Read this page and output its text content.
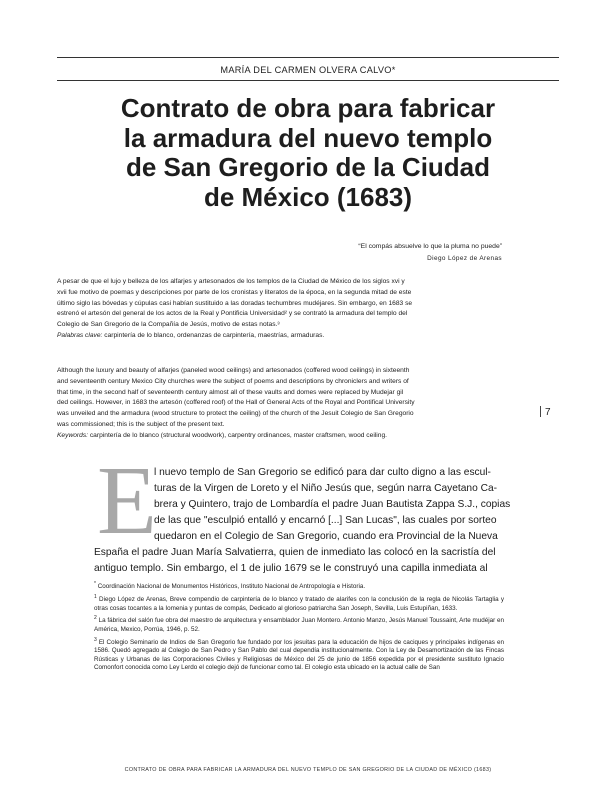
MARÍA DEL CARMEN OLVERA CALVO*
Contrato de obra para fabricar
la armadura del nuevo templo
de San Gregorio de la Ciudad
de México (1683)
“El compás absuelve lo que la pluma no puede”
Diego López de Arenas

A pesar de que el lujo y belleza de los alfarjes y artesonados de los templos de la Ciudad de México de los siglos xvi y

xvii fue motivo de poemas y descripciones por parte de los cronistas y literatos de la época, en la segunda mitad de este

último siglo las bóvedas y cúpulas casi habían sustituido a las doradas techumbres mudéjares. Sin embargo, en 1683 se

estrenó el artesón del general de los actos de la Real y Pontificia Universidad² y se contrató la armadura del templo del

Colegio de San Gregorio de la Compañía de Jesús, motivo de estas notas.³

Palabras clave: carpintería de lo blanco, ordenanzas de carpintería, maestrías, armaduras.

Although the luxury and beauty of alfarjes (paneled wood ceilings) and artesonados (coffered wood ceilings) in sixteenth

and seventeenth century Mexico City churches were the subject of poems and descriptions by chroniclers and writers of

that time, in the second half of seventeenth century almost all of these vaults and domes were replaced by Mudejar gil

ded ceilings. However, in 1683 the artesón (coffered roof) of the Hall of General Acts of the Royal and Pontifical University

was unveiled and the armadura (wood structure to protect the ceiling) of the church of the Jesuit Colegio de San Gregorio

was commissioned; this is the subject of the present text.

Keywords: carpintería de lo blanco (structural woodwork), carpentry ordinances, master craftsmen, wood ceiling.

7
E
l nuevo templo de San Gregorio se edificó para dar culto digno a las escul-
turas de la Virgen de Loreto y el Niño Jesús que, según narra Cayetano Ca-
brera y Quintero, trajo de Lombardía el padre Juan Bautista Zappa S.J., copias
de las que "esculpió entalló y encarnó [...] San Lucas", las cuales por sorteo
quedaron en el Colegio de San Gregorio, cuando era Provincial de la Nueva
España el padre Juan María Salvatierra, quien de inmediato las colocó en la sacristía del
antiguo templo. Sin embargo, el 1 de julio 1679 se le construyó una capilla inmediata al

* Coordinación Nacional de Monumentos Históricos, Instituto Nacional de Antropología e Historia.

$^1$ Diego López de Arenas, Breve compendio de carpintería de lo blanco y tratado de alarifes con la conclusión de la regla de Nicolás Tartaglia y otras cosas tocantes a la Iomenia y puntas de compás, Dedicado al glorioso patriarcha San Joseph, Sevilla, Luis Estupiñan, 1633.

$^2$ La fábrica del salón fue obra del maestro de arquitectura y ensamblador Juan Montero. Antonio Manzo, Jesús Manuel Toussaint, Arte mudéjar en América, Mexico, Porrúa, 1946, p. 52.

$^3$ El Colegio Seminario de Indios de San Gregorio fue fundado por los jesuitas para la educación de hijos de caciques y principales indígenas en 1586. Quedó agregado al Colegio de San Pedro y San Pablo del cual dependía institucionalmente. Con la Ley de Desamortización de las Fincas Rústicas y Urbanas de las Corporaciones Civiles y Religiosas de México del 25 de junio de 1856 expedida por el presidente sustituto Ignacio Comonfort conocida como Ley Lerdo el colegio dejó de funcionar como tal. El colegio esta ubicado en la actual calle de San

CONTRATO DE OBRA PARA FABRICAR LA ARMADURA DEL NUEVO TEMPLO DE SAN GREGORIO DE LA CIUDAD DE MÉXICO (1683)
